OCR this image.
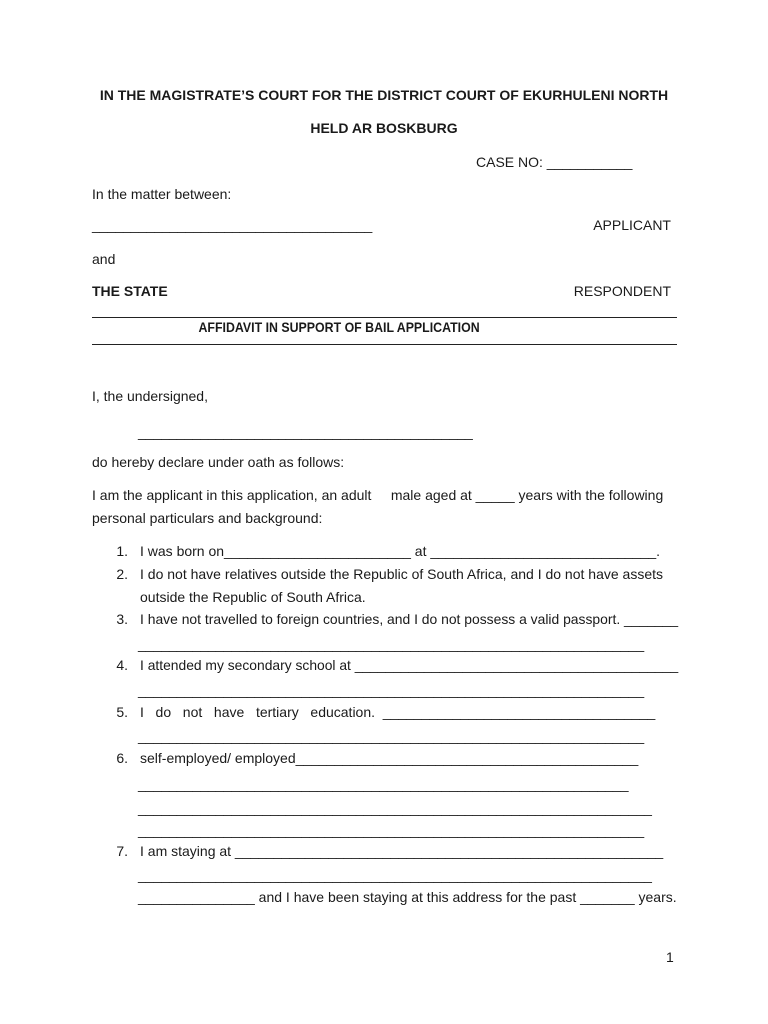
IN THE MAGISTRATE’S COURT FOR THE DISTRICT COURT OF EKURHULENI NORTH
HELD AR BOSKBURG
CASE NO: ___________
In the matter between:
____________________________________	APPLICANT
and
THE STATE	RESPONDENT
AFFIDAVIT IN SUPPORT OF BAIL APPLICATION
I, the undersigned,
___________________________________________
do hereby declare under oath as follows:
I am the applicant in this application, an adult     male aged at _____ years with the following
personal particulars and background:
1. I was born on________________________ at _____________________________.
2. I do not have relatives outside the Republic of South Africa, and I do not have assets
outside the Republic of South Africa.
3. I have not travelled to foreign countries, and I do not possess a valid passport. _______
_________________________________________________________________
4. I attended my secondary school at __________________________________________
_________________________________________________________________
5. I   do   not   have   tertiary   education.  ___________________________________
_________________________________________________________________
6. self-employed/ employed____________________________________________
_______________________________________________________________
__________________________________________________________________
_________________________________________________________________
7. I am staying at _______________________________________________________
__________________________________________________________________
_______________ and I have been staying at this address for the past _______ years.
1
